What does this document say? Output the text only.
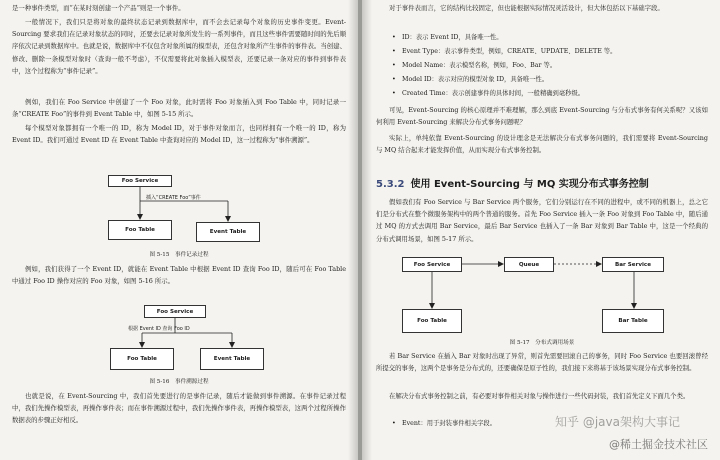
是一种事件类型，而“在某时刻创建一个产品”则是一个事件。
一般情况下，我们只是将对象的最终状态记录到数据库中，而不会去记录每个对象的历史事件变更。Event-Sourcing 要求我们在记录对象状态的同时，还要去记录对象所发生的一系列事件，而且这些事件需要随时间的先后顺序依次记录到数据库中。也就是说，数据库中不仅包含对象所属的模型表，还包含对象所产生事件的事件表。当创建、修改、删除一条模型对象时（查询一般不考虑），不仅需要将此对象插入模型表，还要记录一条对应的事件到事件表中，这个过程称为“事件记录”。
例如，我们在 Foo Service 中创建了一个 Foo 对象，此时需将 Foo 对象插入到 Foo Table 中，同时记录一条“CREATE Foo”的事件到 Event Table 中，如图 5-15 所示。
每个模型对象都拥有一个唯一的 ID，称为 Model ID，对于事件对象而言，也同样拥有一个唯一的 ID，称为 Event ID。我们可通过 Event ID 在 Event Table 中查询对应的 Model ID，这一过程称为“事件溯源”。
Foo Service
插入“CREATE Foo”事件
Foo Table	Event Table
图 5-15　事件记录过程
例如，我们获得了一个 Event ID，就能在 Event Table 中根据 Event ID 查询 Foo ID，随后可在 Foo Table 中通过 Foo ID 操作对应的 Foo 对象，如图 5-16 所示。
Foo Service
根据 Event ID 查询 Foo ID
Foo Table	Event Table
图 5-16　事件溯源过程
也就是说，在 Event-Sourcing 中，我们首先要进行的是事件记录，随后才能做到事件溯源。在事件记录过程中，我们先操作模型表，再操作事件表；而在事件溯源过程中，我们先操作事件表，再操作模型表，这两个过程所操作数据表的步骤正好相反。
对于事件表而言，它的结构比较固定，但也能根据实际情况灵活设计，但大体包括以下基础字段。
• ID：表示 Event ID，具备唯一性。
• Event Type：表示事件类型，例如，CREATE、UPDATE、DELETE 等。
• Model Name：表示模型名称，例如，Foo、Bar 等。
• Model ID：表示对应的模型对象 ID，具备唯一性。
• Created Time：表示创建事件的具体时间，一般精确到毫秒级。
可见，Event-Sourcing 的核心原理并不难理解，那么到底 Event-Sourcing 与分布式事务有何关系呢？又该如何利用 Event-Sourcing 来解决分布式事务问题呢？
实际上，单纯依靠 Event-Sourcing 的设计理念是无法解决分布式事务问题的，我们需要将 Event-Sourcing 与 MQ 结合起来才能发挥价值，从而实现分布式事务控制。
5.3.2 使用 Event-Sourcing 与 MQ 实现分布式事务控制
假如我们有 Foo Service 与 Bar Service 两个服务，它们分别运行在不同的进程中，或不同的机器上，总之它们是分布式在整个微服务架构中的两个普通的服务。首先 Foo Service 插入一条 Foo 对象到 Foo Table 中，随后通过 MQ 的方式去调用 Bar Service，最后 Bar Service 也插入了一条 Bar 对象到 Bar Table 中，这是一个经典的分布式调用场景，如图 5-17 所示。
Foo Service	Queue	Bar Service
Foo Table	Bar Table
图 5-17　分布式调用场景
若 Bar Service 在插入 Bar 对象时出现了异常，则首先需要回滚自己的事务，同时 Foo Service 也要回滚曾经所提交的事务，这两个是事务是分布式的，还要确保是原子性的，我们接下来将基于该场景实现分布式事务控制。
在解决分布式事务控制之前，有必要对事件相关对象与操作进行一些代码封装，我们首先定义下面几个类。
• Event：用于封装事件相关字段。	知乎 @java架构大事记
@稀土掘金技术社区
